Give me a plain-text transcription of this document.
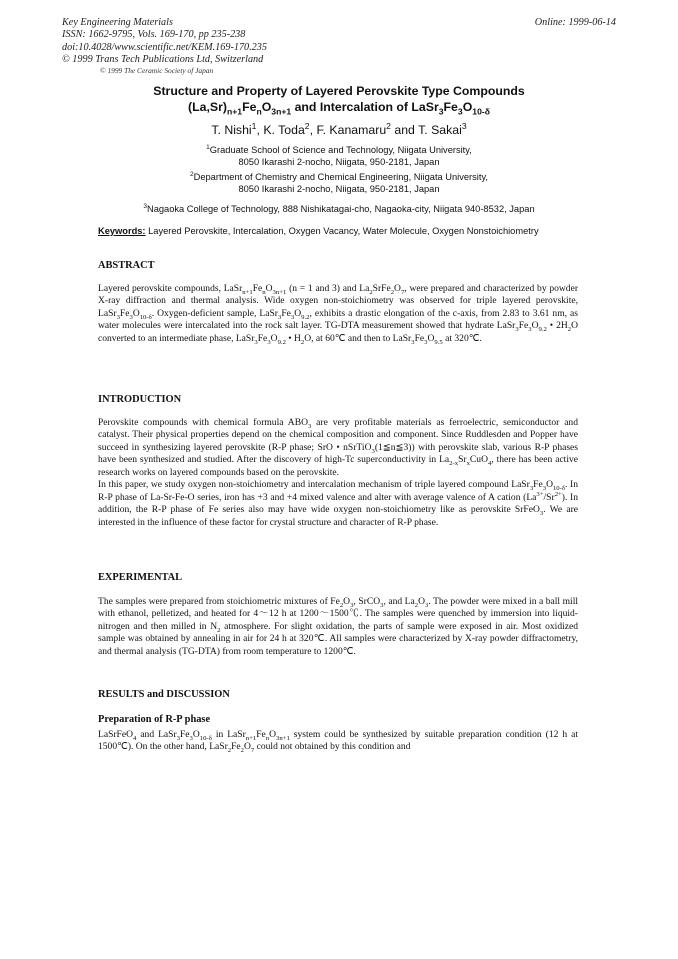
Key Engineering Materials
ISSN: 1662-9795, Vols. 169-170, pp 235-238
doi:10.4028/www.scientific.net/KEM.169-170.235
© 1999 Trans Tech Publications Ltd, Switzerland
Online: 1999-06-14
© 1999 The Ceramic Society of Japan
Structure and Property of Layered Perovskite Type Compounds
$(La,Sr)_{n+1}Fe_nO_{3n+1}$ and Intercalation of $LaSr_3Fe_3O_{10-\delta}$
T. Nishi$^1$, K. Toda$^2$, F. Kanamaru$^2$ and T. Sakai$^3$
$^1$Graduate School of Science and Technology, Niigata University,
8050 Ikarashi 2-nocho, Niigata, 950-2181, Japan
$^2$Department of Chemistry and Chemical Engineering, Niigata University,
8050 Ikarashi 2-nocho, Niigata, 950-2181, Japan
$^3$Nagaoka College of Technology, 888 Nishikatagai-cho, Nagaoka-city, Niigata 940-8532, Japan
Keywords: Layered Perovskite, Intercalation, Oxygen Vacancy, Water Molecule, Oxygen Nonstoichiometry
ABSTRACT
Layered perovskite compounds, $LaSr_{n+1}Fe_nO_{3n+1}$ (n = 1 and 3) and $La_2SrFe_2O_7$, were prepared and characterized by powder X-ray diffraction and thermal analysis. Wide oxygen non-stoichiometry was observed for triple layered perovskite, $LaSr_3Fe_3O_{10-\delta}$. Oxygen-deficient sample, $LaSr_3Fe_3O_{9.2}$, exhibits a drastic elongation of the c-axis, from 2.83 to 3.61 nm, as water molecules were intercalated into the rock salt layer. TG-DTA measurement showed that hydrate $LaSr_3Fe_3O_{9.2}$ • $2H_2O$ converted to an intermediate phase, $LaSr_3Fe_3O_{9.2}$ • $H_2O$, at 60℃ and then to $LaSr_3Fe_3O_{9.5}$ at 320℃.
INTRODUCTION
Perovskite compounds with chemical formula $ABO_3$ are very profitable materials as ferroelectric, semiconductor and catalyst. Their physical properties depend on the chemical composition and component. Since Ruddlesden and Popper have succeed in synthesizing layered perovskite (R-P phase; SrO • nSrTiO$_3$(1≦n≦3)) with perovskite slab, various R-P phases have been synthesized and studied. After the discovery of high-Tc superconductivity in $La_{2-x}Sr_xCuO_4$, there has been active research works on layered compounds based on the perovskite.
In this paper, we study oxygen non-stoichiometry and intercalation mechanism of triple layered compound $LaSr_3Fe_3O_{10-\delta}$. In R-P phase of La-Sr-Fe-O series, iron has +3 and +4 mixed valence and alter with average valence of A cation $(La^{3+}/Sr^{2+})$. In addition, the R-P phase of Fe series also may have wide oxygen non-stoichiometry like as perovskite SrFeO$_3$. We are interested in the influence of these factor for crystal structure and character of R-P phase.
EXPERIMENTAL
The samples were prepared from stoichiometric mixtures of $Fe_2O_3$, SrCO$_3$, and $La_2O_3$. The powder were mixed in a ball mill with ethanol, pelletized, and heated for 4～12 h at 1200～1500℃. The samples were quenched by immersion into liquid-nitrogen and then milled in $N_2$ atmosphere. For slight oxidation, the parts of sample were exposed in air. Most oxidized sample was obtained by annealing in air for 24 h at 320℃. All samples were characterized by X-ray powder diffractometry, and thermal analysis (TG-DTA) from room temperature to 1200℃.
RESULTS and DISCUSSION
Preparation of R-P phase
LaSrFeO$_4$ and $LaSr_3Fe_3O_{10-\delta}$ in $LaSr_{n+1}Fe_nO_{3n+1}$ system could be synthesized by suitable preparation condition (12 h at 1500℃). On the other hand, $LaSr_2Fe_2O_7$ could not obtained by this condition and
